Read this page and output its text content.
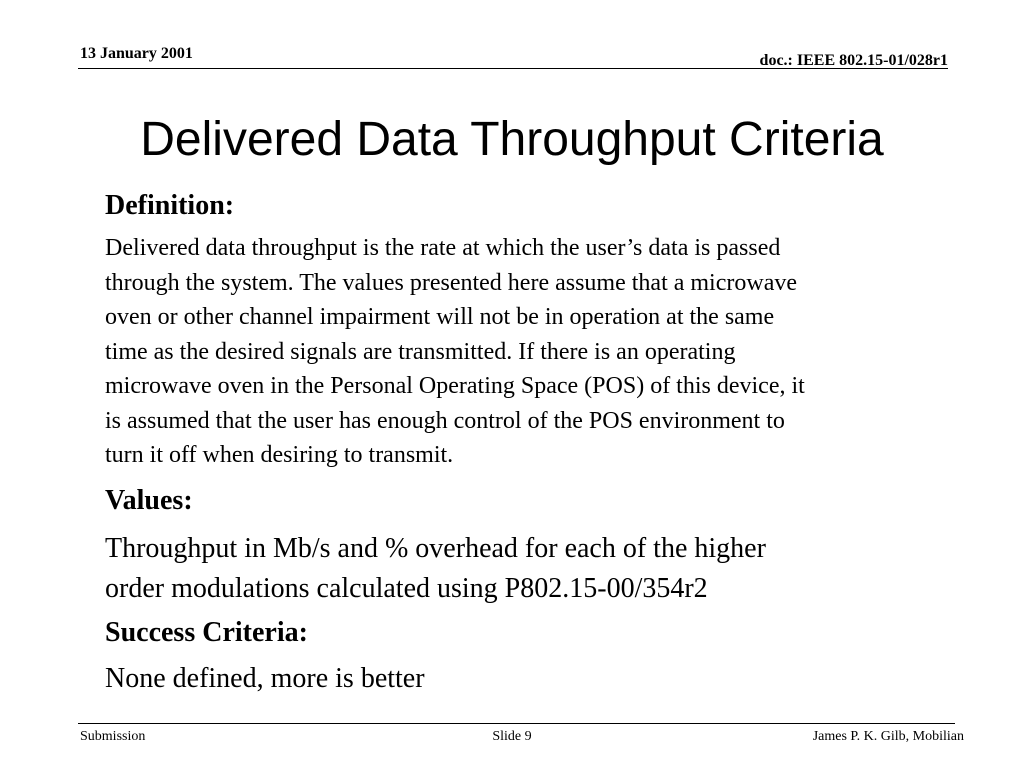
13 January 2001	doc.: IEEE 802.15-01/028r1
Delivered Data Throughput Criteria
Definition:
Delivered data throughput is the rate at which the user’s data is passed
through the system. The values presented here assume that a microwave
oven or other channel impairment will not be in operation at the same
time as the desired signals are transmitted. If there is an operating
microwave oven in the Personal Operating Space (POS) of this device, it
is assumed that the user has enough control of the POS environment to
turn it off when desiring to transmit.
Values:
Throughput in Mb/s and % overhead for each of the higher
order modulations calculated using P802.15-00/354r2
Success Criteria:
None defined, more is better
Submission	Slide 9	James P. K. Gilb, Mobilian
